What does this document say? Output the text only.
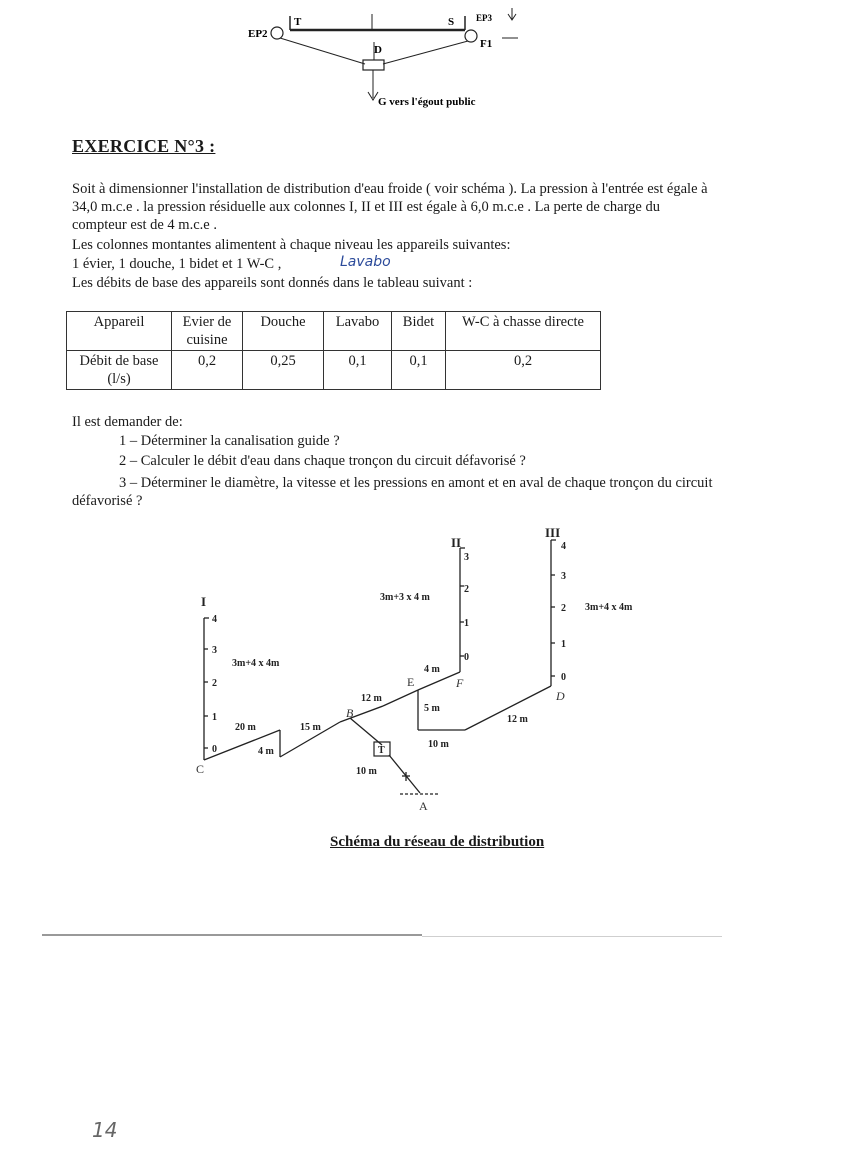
EP2
T	S EP3
F1
D
G vers l'égout public
EXERCICE N°3 :
Soit à dimensionner l'installation de distribution d'eau froide ( voir schéma ). La pression à l'entrée est égale à
34,0 m.c.e . la pression résiduelle aux colonnes I, II et III est égale à 6,0 m.c.e . La perte de charge du
compteur est de 4 m.c.e .
Les colonnes montantes alimentent à chaque niveau les appareils suivantes:
1 évier, 1 douche, 1 bidet et 1 W-C ,	Lavabo
Les débits de base des appareils sont donnés dans le tableau suivant :
Appareil	Evier de cuisine	Douche	Lavabo	Bidet	W-C à chasse directe
Débit de base (l/s)	0,2	0,25	0,1	0,1	0,2
Il est demander de:
1 – Déterminer la canalisation guide ?
2 – Calculer le débit d'eau dans chaque tronçon du circuit défavorisé ?
3 – Déterminer le diamètre, la vitesse et les pressions en amont et en aval de chaque tronçon du circuit
défavorisé ?
I
II
III
4
3
2
1
0
3
2
1
0
4
3
2
1
0
3m+4 x 4m
3m+3 x 4 m
3m+4 x 4m
20 m
4 m
15 m
12 m
4 m
5 m
10 m
12 m
10 m
T
A
B
C
D
E	F
Schéma du réseau de distribution
14
